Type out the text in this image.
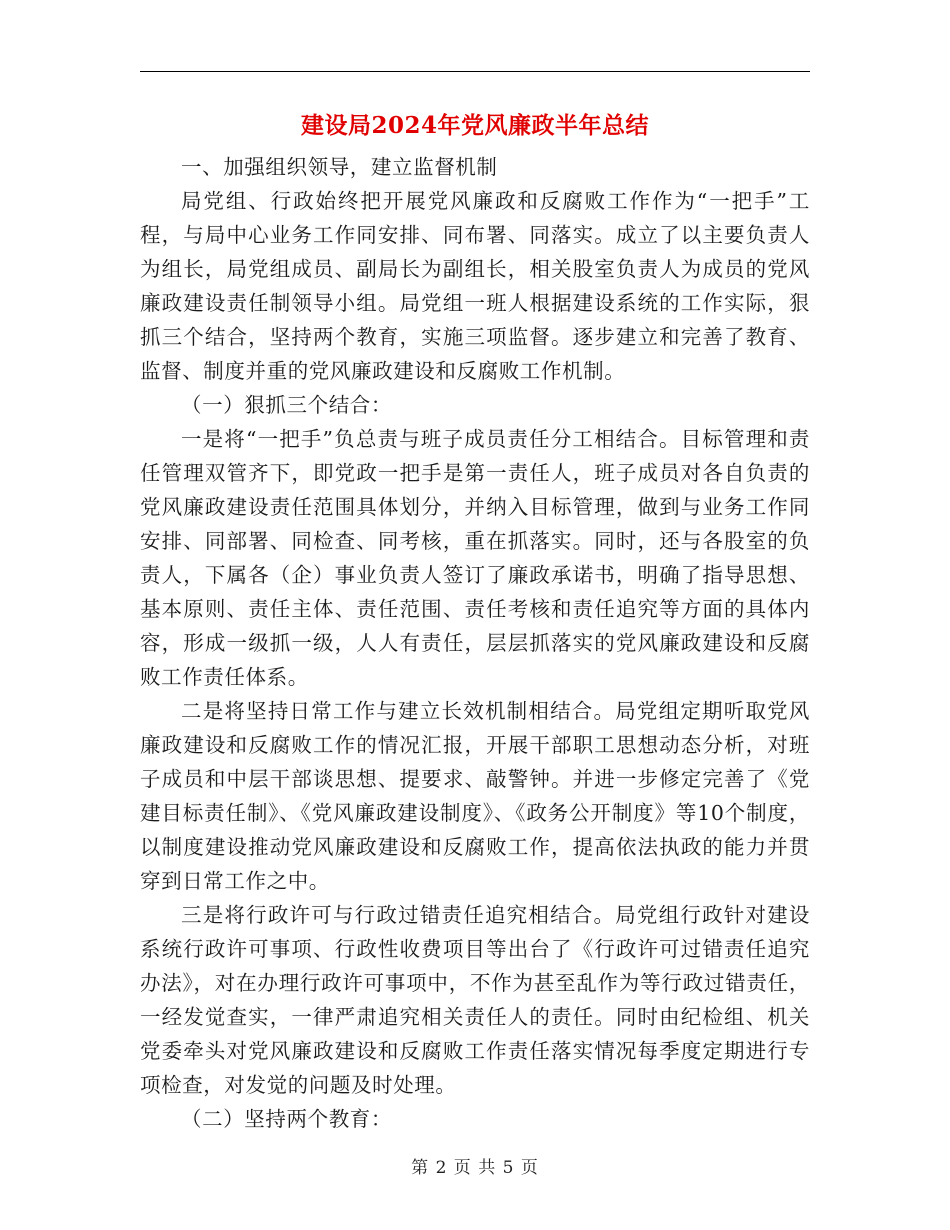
建设局2024年党风廉政半年总结

一、加强组织领导，建立监督机制

局党组、行政始终把开展党风廉政和反腐败工作作为“一把手”工程，与局中心业务工作同安排、同布署、同落实。成立了以主要负责人为组长，局党组成员、副局长为副组长，相关股室负责人为成员的党风廉政建设责任制领导小组。局党组一班人根据建设系统的工作实际，狠抓三个结合，坚持两个教育，实施三项监督。逐步建立和完善了教育、监督、制度并重的党风廉政建设和反腐败工作机制。

（一）狠抓三个结合：

一是将“一把手”负总责与班子成员责任分工相结合。目标管理和责任管理双管齐下，即党政一把手是第一责任人，班子成员对各自负责的党风廉政建设责任范围具体划分，并纳入目标管理，做到与业务工作同安排、同部署、同检查、同考核，重在抓落实。同时，还与各股室的负责人，下属各（企）事业负责人签订了廉政承诺书，明确了指导思想、基本原则、责任主体、责任范围、责任考核和责任追究等方面的具体内容，形成一级抓一级，人人有责任，层层抓落实的党风廉政建设和反腐败工作责任体系。

二是将坚持日常工作与建立长效机制相结合。局党组定期听取党风廉政建设和反腐败工作的情况汇报，开展干部职工思想动态分析，对班子成员和中层干部谈思想、提要求、敲警钟。并进一步修定完善了《党建目标责任制》、《党风廉政建设制度》、《政务公开制度》等10个制度，以制度建设推动党风廉政建设和反腐败工作，提高依法执政的能力并贯穿到日常工作之中。

三是将行政许可与行政过错责任追究相结合。局党组行政针对建设系统行政许可事项、行政性收费项目等出台了《行政许可过错责任追究办法》，对在办理行政许可事项中，不作为甚至乱作为等行政过错责任，一经发觉查实，一律严肃追究相关责任人的责任。同时由纪检组、机关党委牵头对党风廉政建设和反腐败工作责任落实情况每季度定期进行专项检查，对发觉的问题及时处理。

（二）坚持两个教育：

第 2 页 共 5 页
